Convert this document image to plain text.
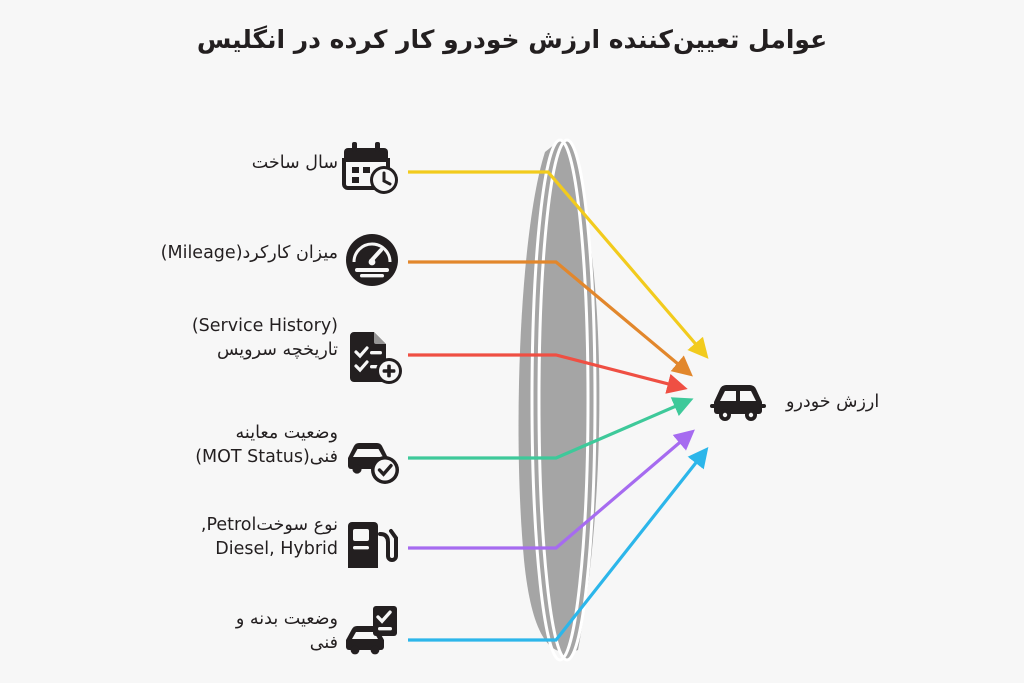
عوامل تعیین‌کننده ارزش خودرو کار کرده در انگلیس
سال ساخت
میزان کارکرد(Mileage)
(Service History)
تاریخچه سرویس
وضعیت معاینه
فنی(MOT Status)
نوع سوختPetrol,
Diesel, Hybrid
وضعیت بدنه و
فنی
ارزش خودرو
